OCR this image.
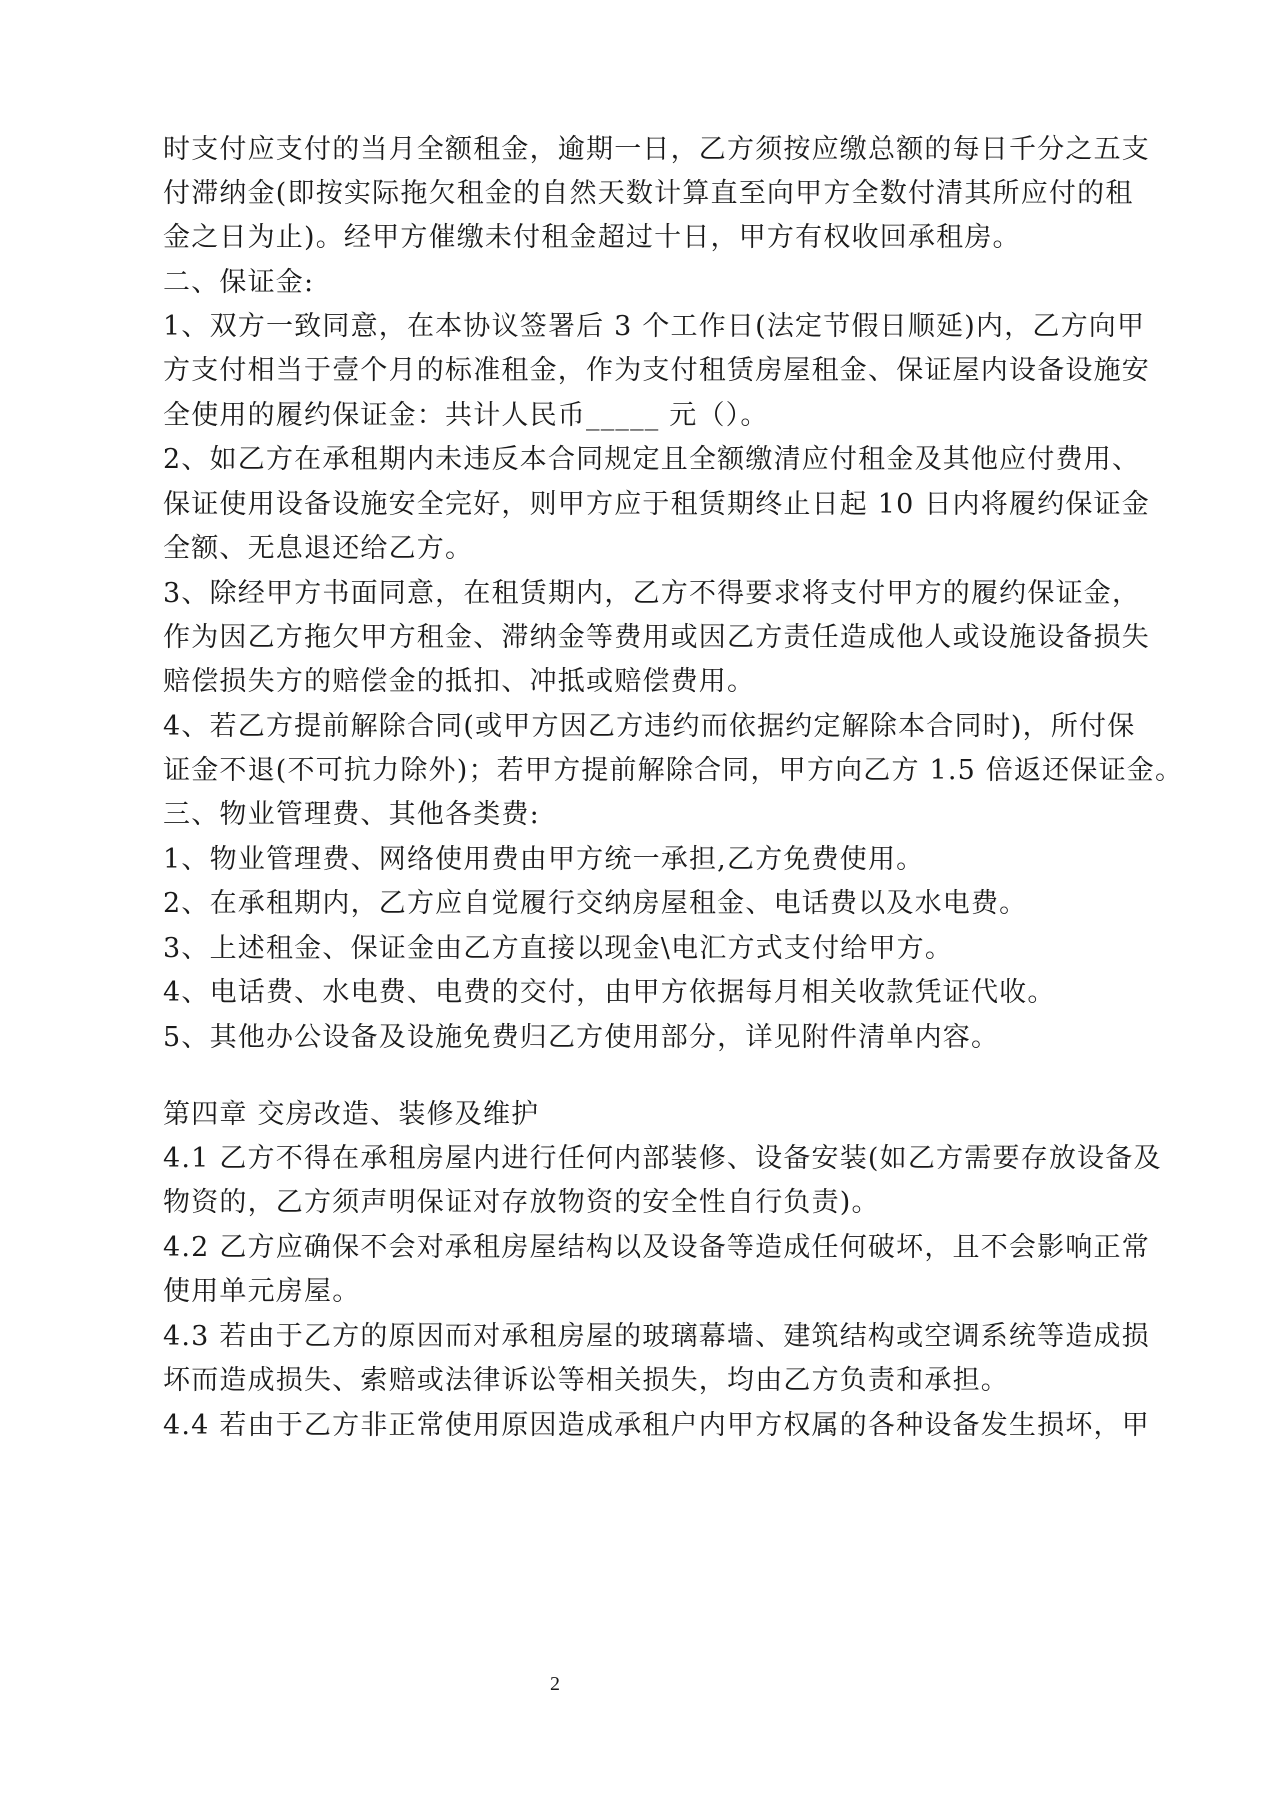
时支付应支付的当月全额租金，逾期一日，乙方须按应缴总额的每日千分之五支
付滞纳金(即按实际拖欠租金的自然天数计算直至向甲方全数付清其所应付的租
金之日为止)。经甲方催缴未付租金超过十日，甲方有权收回承租房。
二、保证金:
1、双方一致同意，在本协议签署后 3 个工作日(法定节假日顺延)内，乙方向甲
方支付相当于壹个月的标准租金，作为支付租赁房屋租金、保证屋内设备设施安
全使用的履约保证金：共计人民币_____ 元（）。
2、如乙方在承租期内未违反本合同规定且全额缴清应付租金及其他应付费用、
保证使用设备设施安全完好，则甲方应于租赁期终止日起 10 日内将履约保证金
全额、无息退还给乙方。
3、除经甲方书面同意，在租赁期内，乙方不得要求将支付甲方的履约保证金，
作为因乙方拖欠甲方租金、滞纳金等费用或因乙方责任造成他人或设施设备损失
赔偿损失方的赔偿金的抵扣、冲抵或赔偿费用。
4、若乙方提前解除合同(或甲方因乙方违约而依据约定解除本合同时)，所付保
证金不退(不可抗力除外)；若甲方提前解除合同，甲方向乙方 1.5 倍返还保证金。
三、物业管理费、其他各类费:
1、物业管理费、网络使用费由甲方统一承担,乙方免费使用。
2、在承租期内，乙方应自觉履行交纳房屋租金、电话费以及水电费。
3、上述租金、保证金由乙方直接以现金\电汇方式支付给甲方。
4、电话费、水电费、电费的交付，由甲方依据每月相关收款凭证代收。
5、其他办公设备及设施免费归乙方使用部分，详见附件清单内容。
第四章 交房改造、装修及维护
4.1 乙方不得在承租房屋内进行任何内部装修、设备安装(如乙方需要存放设备及
物资的，乙方须声明保证对存放物资的安全性自行负责)。
4.2 乙方应确保不会对承租房屋结构以及设备等造成任何破坏，且不会影响正常
使用单元房屋。
4.3 若由于乙方的原因而对承租房屋的玻璃幕墙、建筑结构或空调系统等造成损
坏而造成损失、索赔或法律诉讼等相关损失，均由乙方负责和承担。
4.4 若由于乙方非正常使用原因造成承租户内甲方权属的各种设备发生损坏，甲
2
